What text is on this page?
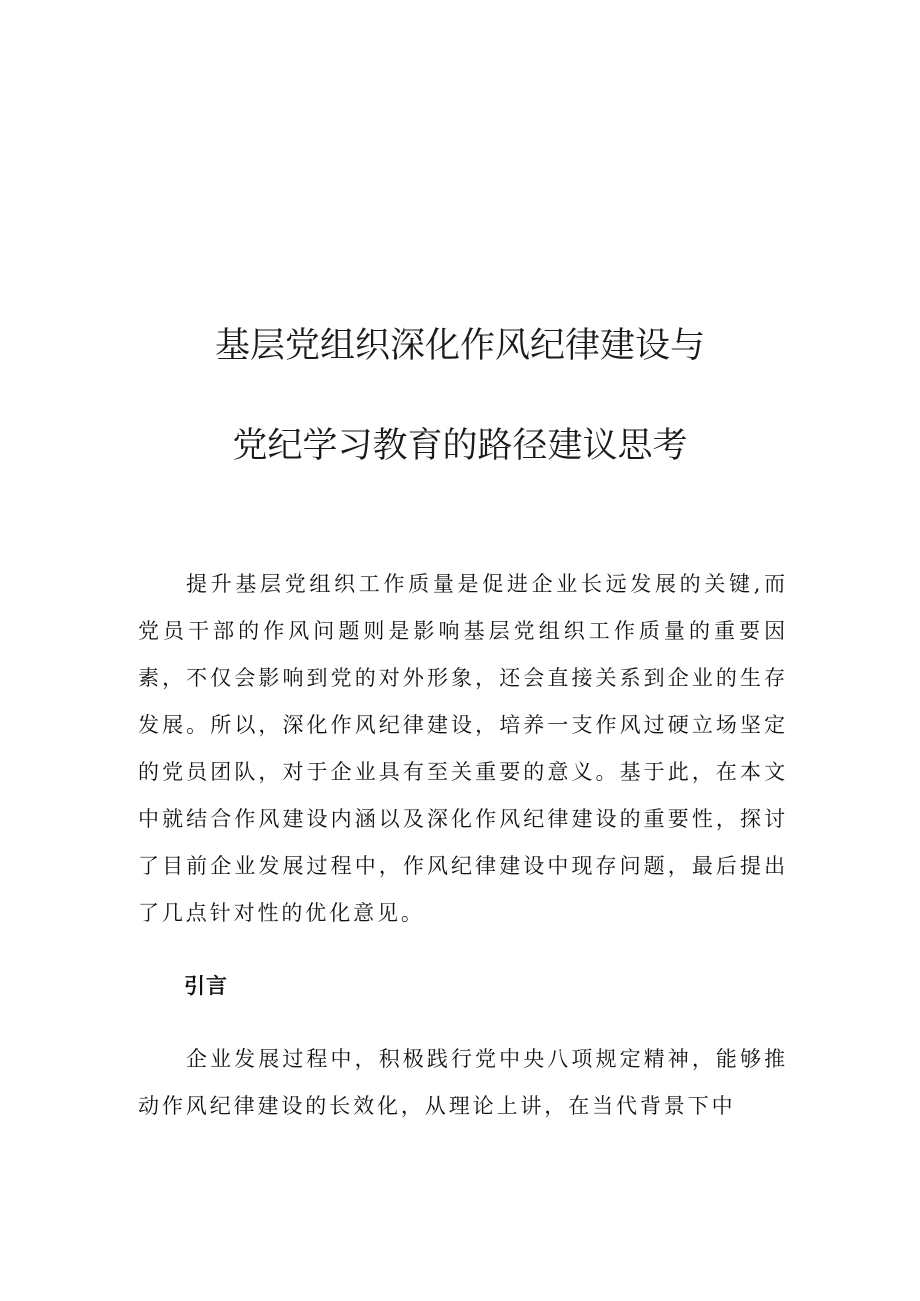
基层党组织深化作风纪律建设与
党纪学习教育的路径建议思考

提升基层党组织工作质量是促进企业长远发展的关键,而党员干部的作风问题则是影响基层党组织工作质量的重要因素，不仅会影响到党的对外形象，还会直接关系到企业的生存发展。所以，深化作风纪律建设，培养一支作风过硬立场坚定的党员团队，对于企业具有至关重要的意义。基于此，在本文中就结合作风建设内涵以及深化作风纪律建设的重要性，探讨了目前企业发展过程中，作风纪律建设中现存问题，最后提出了几点针对性的优化意见。

引言

企业发展过程中，积极践行党中央八项规定精神，能够推动作风纪律建设的长效化，从理论上讲，在当代背景下中
